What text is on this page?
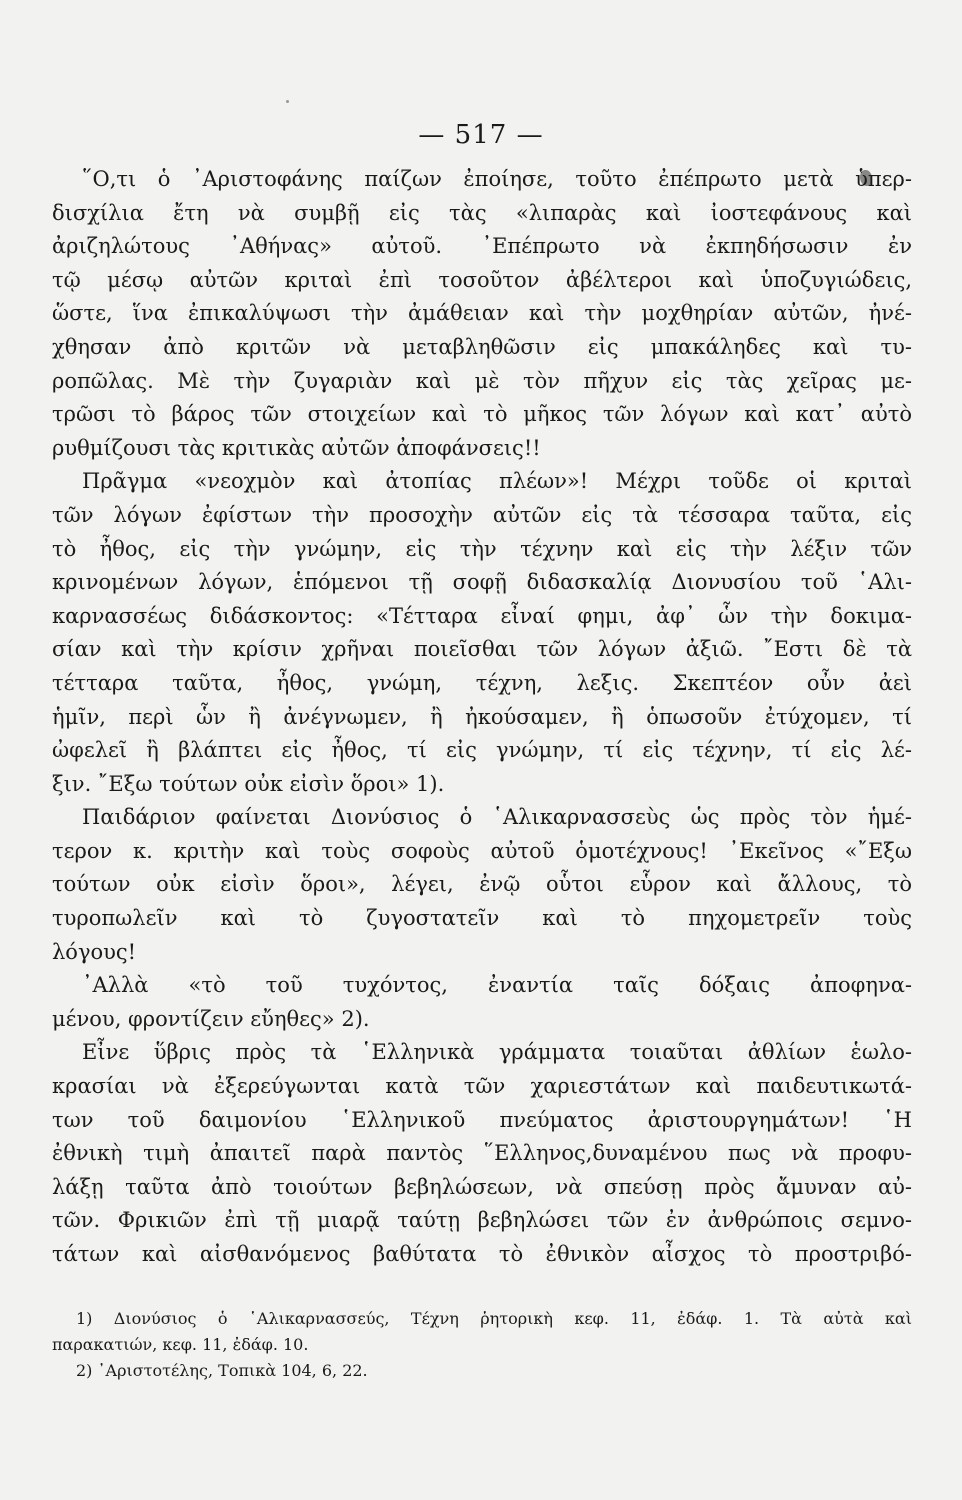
— 517 —
῞Ο,τι ὁ ᾽Αριστοφάνης παίζων ἐποίησε, τοῦτο ἐπέπρωτο μετὰ ὑπερ-
δισχίλια ἔτη νὰ συμβῇ εἰς τὰς «λιπαρὰς καὶ ἰοστεφάνους καὶ
ἀριζηλώτους ᾽Αθήνας» αὐτοῦ. ᾽Επέπρωτο νὰ ἐκπηδήσωσιν ἐν
τῷ μέσῳ αὐτῶν κριταὶ ἐπὶ τοσοῦτον ἀβέλτεροι καὶ ὑποζυγιώδεις,
ὥστε, ἵνα ἐπικαλύψωσι τὴν ἀμάθειαν καὶ τὴν μοχθηρίαν αὐτῶν, ἠνέ-
χθησαν ἀπὸ κριτῶν νὰ μεταβληθῶσιν εἰς μπακάληδες καὶ τυ-
ροπῶλας. Μὲ τὴν ζυγαριὰν καὶ μὲ τὸν πῆχυν εἰς τὰς χεῖρας με-
τρῶσι τὸ βάρος τῶν στοιχείων καὶ τὸ μῆκος τῶν λόγων καὶ κατ᾽ αὐτὸ
ρυθμίζουσι τὰς κριτικὰς αὐτῶν ἀποφάνσεις!!
Πρᾶγμα «νεοχμὸν καὶ ἀτοπίας πλέων»! Μέχρι τοῦδε οἱ κριταὶ
τῶν λόγων ἐφίστων τὴν προσοχὴν αὐτῶν εἰς τὰ τέσσαρα ταῦτα, εἰς
τὸ ἦθος, εἰς τὴν γνώμην, εἰς τὴν τέχνην καὶ εἰς τὴν λέξιν τῶν
κρινομένων λόγων, ἑπόμενοι τῇ σοφῇ διδασκαλίᾳ Διονυσίου τοῦ ῾Αλι-
καρνασσέως διδάσκοντος: «Τέτταρα εἶναί φημι, ἀφ᾽ ὧν τὴν δοκιμα-
σίαν καὶ τὴν κρίσιν χρῆναι ποιεῖσθαι τῶν λόγων ἀξιῶ. ῎Εστι δὲ τὰ
τέτταρα ταῦτα, ἦθος, γνώμη, τέχνη, λεξις. Σκεπτέον οὖν ἀεὶ
ἡμῖν, περὶ ὧν ἢ ἀνέγνωμεν, ἢ ἠκούσαμεν, ἢ ὁπωσοῦν ἐτύχομεν, τί
ὠφελεῖ ἢ βλάπτει εἰς ἦθος, τί εἰς γνώμην, τί εἰς τέχνην, τί εἰς λέ-
ξιν. ῎Εξω τούτων οὐκ εἰσὶν ὅροι» 1).
Παιδάριον φαίνεται Διονύσιος ὁ ῾Αλικαρνασσεὺς ὡς πρὸς τὸν ἡμέ-
τερον κ. κριτὴν καὶ τοὺς σοφοὺς αὐτοῦ ὁμοτέχνους! ᾽Εκεῖνος «῎Εξω
τούτων οὐκ εἰσὶν ὅροι», λέγει, ἐνῷ οὗτοι εὗρον καὶ ἄλλους, τὸ
τυροπωλεῖν καὶ τὸ ζυγοστατεῖν καὶ τὸ πηχομετρεῖν τοὺς
λόγους!
᾽Αλλὰ «τὸ τοῦ τυχόντος, ἐναντία ταῖς δόξαις ἀποφηνα-
μένου, φροντίζειν εὔηθες» 2).
Εἶνε ὕβρις πρὸς τὰ ῾Ελληνικὰ γράμματα τοιαῦται ἀθλίων ἑωλο-
κρασίαι νὰ ἐξερεύγωνται κατὰ τῶν χαριεστάτων καὶ παιδευτικωτά-
των τοῦ δαιμονίου ῾Ελληνικοῦ πνεύματος ἀριστουργημάτων! ῾Η
ἐθνικὴ τιμὴ ἀπαιτεῖ παρὰ παντὸς ῞Ελληνος,δυναμένου πως νὰ προφυ-
λάξῃ ταῦτα ἀπὸ τοιούτων βεβηλώσεων, νὰ σπεύσῃ πρὸς ἄμυναν αὐ-
τῶν. Φρικιῶν ἐπὶ τῇ μιαρᾷ ταύτῃ βεβηλώσει τῶν ἐν ἀνθρώποις σεμνο-
τάτων καὶ αἰσθανόμενος βαθύτατα τὸ ἐθνικὸν αἶσχος τὸ προστριβό-
1) Διονύσιος ὁ ῾Αλικαρνασσεύς, Τέχνη ῥητορικὴ κεφ. 11, ἐδάφ. 1. Τὰ αὐτὰ καὶ
παρακατιών, κεφ. 11, ἐδάφ. 10.
2) ᾽Αριστοτέλης, Τοπικὰ 104, 6, 22.
